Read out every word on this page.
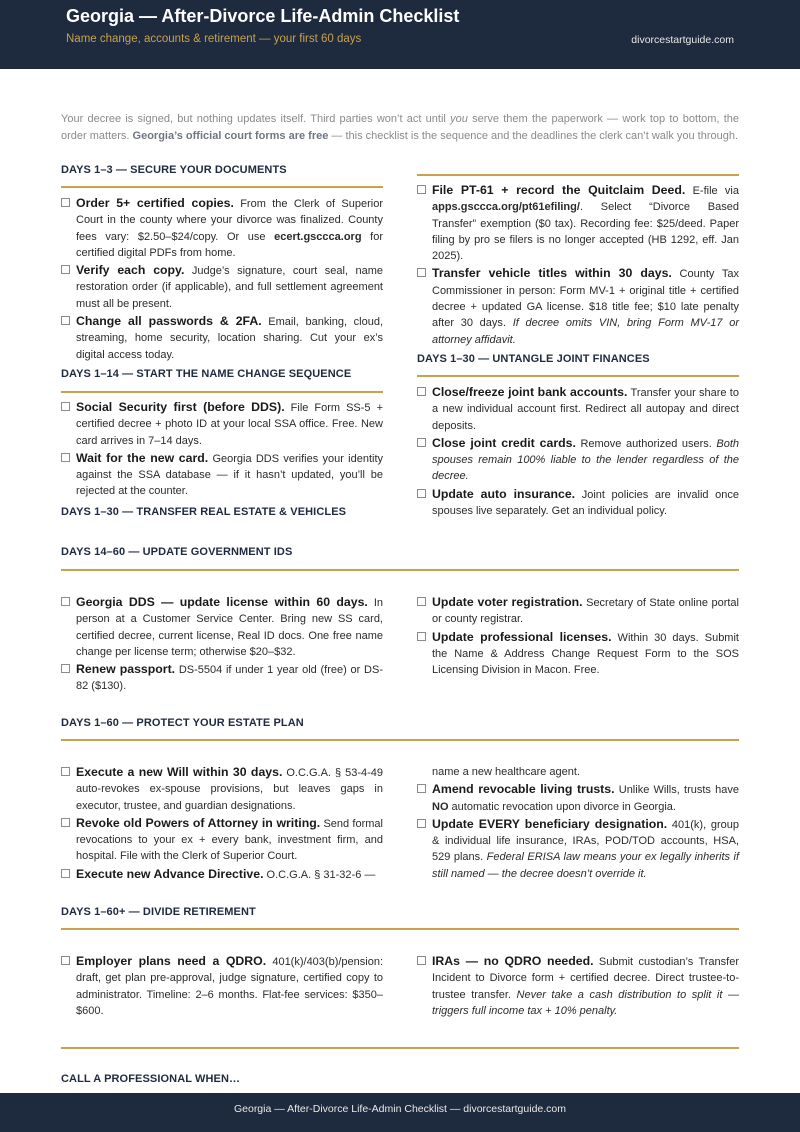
Georgia — After-Divorce Life-Admin Checklist
Name change, accounts & retirement — your first 60 days	divorcestartguide.com
Your decree is signed, but nothing updates itself. Third parties won’t act until you serve them the paperwork — work top to bottom, the order matters. Georgia’s official court forms are free — this checklist is the sequence and the deadlines the clerk can’t walk you through.
DAYS 1–3 — SECURE YOUR DOCUMENTS
Order 5+ certified copies. From the Clerk of Superior Court in the county where your divorce was finalized. County fees vary: $2.50–$24/copy. Or use ecert.gsccca.org for certified digital PDFs from home.
Verify each copy. Judge’s signature, court seal, name restoration order (if applicable), and full settlement agreement must all be present.
Change all passwords & 2FA. Email, banking, cloud, streaming, home security, location sharing. Cut your ex’s digital access today.
DAYS 1–14 — START THE NAME CHANGE SEQUENCE
Social Security first (before DDS). File Form SS-5 + certified decree + photo ID at your local SSA office. Free. New card arrives in 7–14 days.
Wait for the new card. Georgia DDS verifies your identity against the SSA database — if it hasn’t updated, you’ll be rejected at the counter.
DAYS 1–30 — TRANSFER REAL ESTATE & VEHICLES
File PT-61 + record the Quitclaim Deed. E-file via apps.gsccca.org/pt61efiling/. Select “Divorce Based Transfer” exemption ($0 tax). Recording fee: $25/deed. Paper filing by pro se filers is no longer accepted (HB 1292, eff. Jan 2025).
Transfer vehicle titles within 30 days. County Tax Commissioner in person: Form MV-1 + original title + certified decree + updated GA license. $18 title fee; $10 late penalty after 30 days. If decree omits VIN, bring Form MV-17 or attorney affidavit.
DAYS 1–30 — UNTANGLE JOINT FINANCES
Close/freeze joint bank accounts. Transfer your share to a new individual account first. Redirect all autopay and direct deposits.
Close joint credit cards. Remove authorized users. Both spouses remain 100% liable to the lender regardless of the decree.
Update auto insurance. Joint policies are invalid once spouses live separately. Get an individual policy.
DAYS 14–60 — UPDATE GOVERNMENT IDS
Georgia DDS — update license within 60 days. In person at a Customer Service Center. Bring new SS card, certified decree, current license, Real ID docs. One free name change per license term; otherwise $20–$32.
Renew passport. DS-5504 if under 1 year old (free) or DS-82 ($130).
Update voter registration. Secretary of State online portal or county registrar.
Update professional licenses. Within 30 days. Submit the Name & Address Change Request Form to the SOS Licensing Division in Macon. Free.
DAYS 1–60 — PROTECT YOUR ESTATE PLAN
Execute a new Will within 30 days. O.C.G.A. § 53-4-49 auto-revokes ex-spouse provisions, but leaves gaps in executor, trustee, and guardian designations.
Revoke old Powers of Attorney in writing. Send formal revocations to your ex + every bank, investment firm, and hospital. File with the Clerk of Superior Court.
Execute new Advance Directive. O.C.G.A. § 31-32-6 —
name a new healthcare agent.
Amend revocable living trusts. Unlike Wills, trusts have NO automatic revocation upon divorce in Georgia.
Update EVERY beneficiary designation. 401(k), group & individual life insurance, IRAs, POD/TOD accounts, HSA, 529 plans. Federal ERISA law means your ex legally inherits if still named — the decree doesn’t override it.
DAYS 1–60+ — DIVIDE RETIREMENT
Employer plans need a QDRO. 401(k)/403(b)/pension: draft, get plan pre-approval, judge signature, certified copy to administrator. Timeline: 2–6 months. Flat-fee services: $350–$600.
IRAs — no QDRO needed. Submit custodian’s Transfer Incident to Divorce form + certified decree. Direct trustee-to-trustee transfer. Never take a cash distribution to split it — triggers full income tax + 10% penalty.
CALL A PROFESSIONAL WHEN…
Georgia — After-Divorce Life-Admin Checklist — divorcestartguide.com
